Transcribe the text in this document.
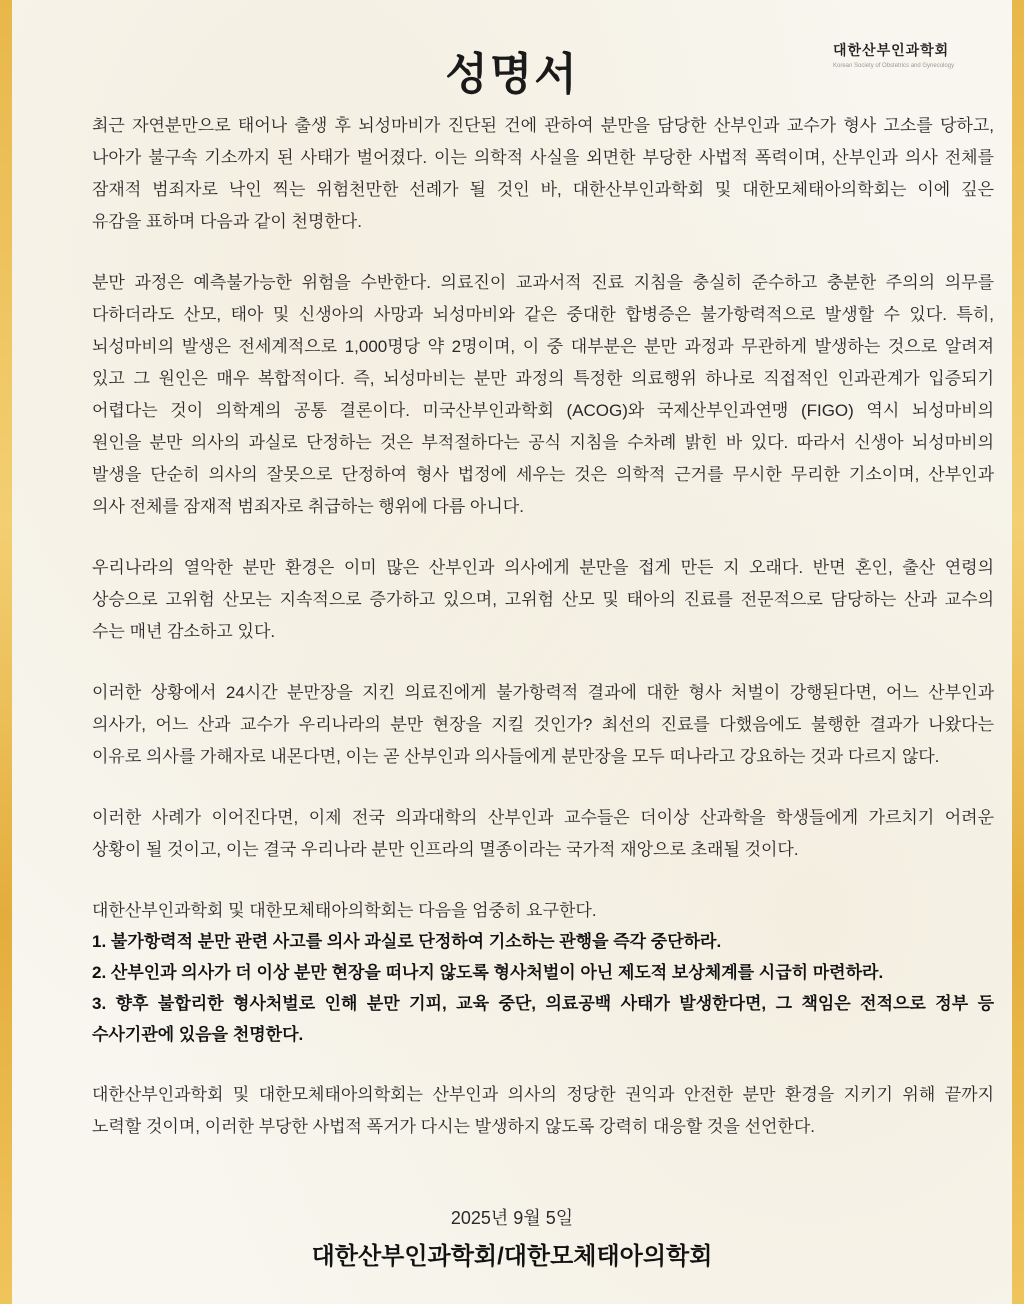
성명서	대한산부인과학회
Korean Society of Obstetrics and Gynecology
최근 자연분만으로 태어나 출생 후 뇌성마비가 진단된 건에 관하여 분만을 담당한 산부인과 교수가 형사 고소를 당하고,
나아가 불구속 기소까지 된 사태가 벌어졌다. 이는 의학적 사실을 외면한 부당한 사법적 폭력이며, 산부인과 의사 전체를
잠재적 범죄자로 낙인 찍는 위험천만한 선례가 될 것인 바, 대한산부인과학회 및 대한모체태아의학회는 이에 깊은
유감을 표하며 다음과 같이 천명한다.
분만 과정은 예측불가능한 위험을 수반한다. 의료진이 교과서적 진료 지침을 충실히 준수하고 충분한 주의의 의무를
다하더라도 산모, 태아 및 신생아의 사망과 뇌성마비와 같은 중대한 합병증은 불가항력적으로 발생할 수 있다. 특히,
뇌성마비의 발생은 전세계적으로 1,000명당 약 2명이며, 이 중 대부분은 분만 과정과 무관하게 발생하는 것으로 알려져
있고 그 원인은 매우 복합적이다. 즉, 뇌성마비는 분만 과정의 특정한 의료행위 하나로 직접적인 인과관계가 입증되기
어렵다는 것이 의학계의 공통 결론이다. 미국산부인과학회 (ACOG)와 국제산부인과연맹 (FIGO) 역시 뇌성마비의
원인을 분만 의사의 과실로 단정하는 것은 부적절하다는 공식 지침을 수차례 밝힌 바 있다. 따라서 신생아 뇌성마비의
발생을 단순히 의사의 잘못으로 단정하여 형사 법정에 세우는 것은 의학적 근거를 무시한 무리한 기소이며, 산부인과
의사 전체를 잠재적 범죄자로 취급하는 행위에 다름 아니다.
우리나라의 열악한 분만 환경은 이미 많은 산부인과 의사에게 분만을 접게 만든 지 오래다. 반면 혼인, 출산 연령의
상승으로 고위험 산모는 지속적으로 증가하고 있으며, 고위험 산모 및 태아의 진료를 전문적으로 담당하는 산과 교수의
수는 매년 감소하고 있다.
이러한 상황에서 24시간 분만장을 지킨 의료진에게 불가항력적 결과에 대한 형사 처벌이 강행된다면, 어느 산부인과
의사가, 어느 산과 교수가 우리나라의 분만 현장을 지킬 것인가? 최선의 진료를 다했음에도 불행한 결과가 나왔다는
이유로 의사를 가해자로 내몬다면, 이는 곧 산부인과 의사들에게 분만장을 모두 떠나라고 강요하는 것과 다르지 않다.
이러한 사례가 이어진다면, 이제 전국 의과대학의 산부인과 교수들은 더이상 산과학을 학생들에게 가르치기 어려운
상황이 될 것이고, 이는 결국 우리나라 분만 인프라의 멸종이라는 국가적 재앙으로 초래될 것이다.
대한산부인과학회 및 대한모체태아의학회는 다음을 엄중히 요구한다.
1. 불가항력적 분만 관련 사고를 의사 과실로 단정하여 기소하는 관행을 즉각 중단하라.
2. 산부인과 의사가 더 이상 분만 현장을 떠나지 않도록 형사처벌이 아닌 제도적 보상체계를 시급히 마련하라.
3. 향후 불합리한 형사처벌로 인해 분만 기피, 교육 중단, 의료공백 사태가 발생한다면, 그 책임은 전적으로 정부 등
수사기관에 있음을 천명한다.
대한산부인과학회 및 대한모체태아의학회는 산부인과 의사의 정당한 권익과 안전한 분만 환경을 지키기 위해 끝까지
노력할 것이며, 이러한 부당한 사법적 폭거가 다시는 발생하지 않도록 강력히 대응할 것을 선언한다.
2025년 9월 5일
대한산부인과학회/대한모체태아의학회
